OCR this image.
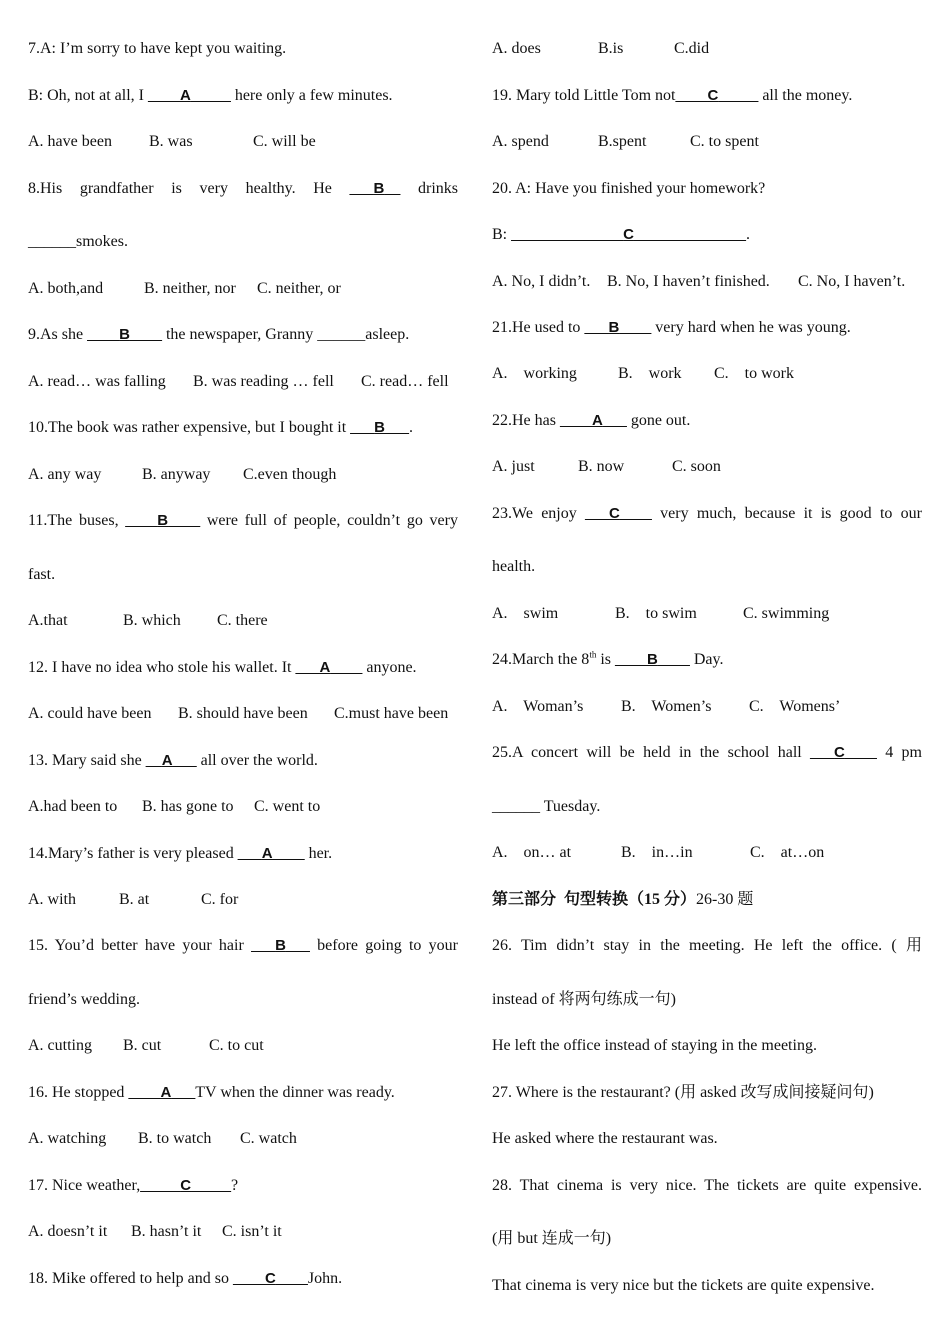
7.A: I’m sorry to have kept you waiting.
B: Oh, not at all, I ____A_____ here only a few minutes.
A. have been B. was	C. will be
8.His grandfather is very healthy. He ___B__ drinks
______smokes.
A. both,and	B. neither, nor C. neither, or
9.As she ____B____ the newspaper, Granny ______asleep.
A. read… was falling B. was reading … fell C. read… fell
10.The book was rather expensive, but I bought it ___B___.
A. any way	B. anyway C.even though
11.The buses, ____B____ were full of people, couldn’t go very
fast.
A.that	B. which C. there
12. I have no idea who stole his wallet. It ___A____ anyone.
A. could have been B. should have been C.must have been
13. Mary said she __A___ all over the world.
A.had been to B. has gone to C. went to
14.Mary’s father is very pleased ___A____ her.
A. with	B. at	C. for
15. You’d better have your hair ___B___ before going to your
friend’s wedding.
A. cutting B. cut	C. to cut
16. He stopped ____A___TV when the dinner was ready.
A. watching B. to watch C. watch
17. Nice weather,_____C_____?
A. doesn’t it B. hasn’t it C. isn’t it
18. Mike offered to help and so ____C____John.
A. does	B.is	C.did
19. Mary told Little Tom not____C_____ all the money.
A. spend	B.spent	C. to spent
20. A: Have you finished your homework?
B: ______________C______________.
A. No, I didn’t. B. No, I haven’t finished. C. No, I haven’t.
21.He used to ___B____ very hard when he was young.
A.    working	B.    work C.    to work
22.He has ____A___ gone out.
A. just	B. now	C. soon
23.We enjoy ___C____ very much, because it is good to our
health.
A.    swim	B.    to swim	C. swimming
24.March the 8th is ____B____ Day.
A.    Woman’s B.    Women’s C.    Womens’
25.A concert will be held in the school hall ___C____ 4 pm
______ Tuesday.
A.    on… at	B.    in…in	C.    at…on
第三部分  句型转换（15 分）26-30 题
26. Tim didn’t stay in the meeting. He left the office. ( 用
instead of 将两句练成一句)
He left the office instead of staying in the meeting.
27. Where is the restaurant? (用 asked 改写成间接疑问句)
He asked where the restaurant was.
28. That cinema is very nice. The tickets are quite expensive.
(用 but 连成一句)
That cinema is very nice but the tickets are quite expensive.
